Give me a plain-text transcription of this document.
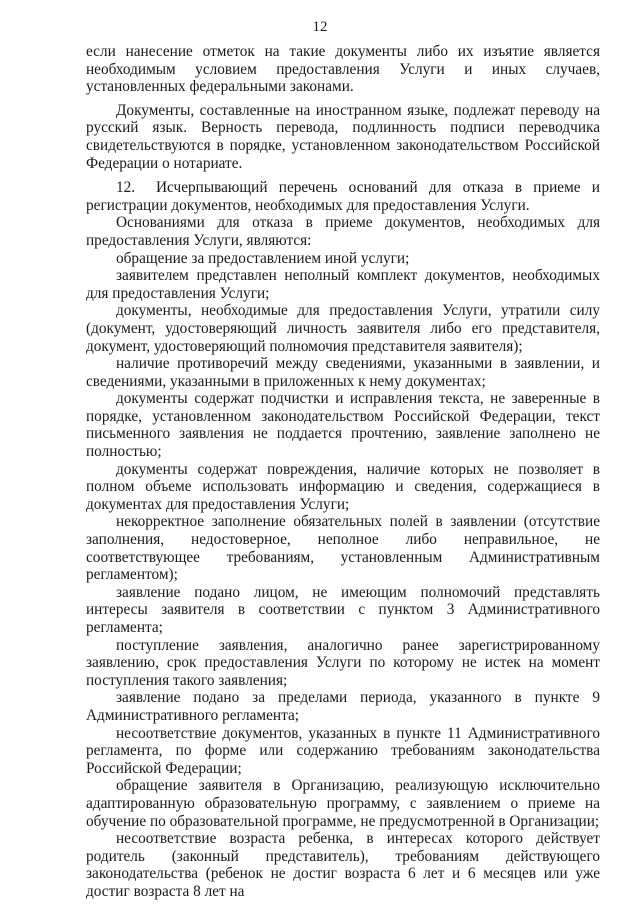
12

если нанесение отметок на такие документы либо их изъятие является необходимым условием предоставления Услуги и иных случаев, установленных федеральными законами.

Документы, составленные на иностранном языке, подлежат переводу на русский язык. Верность перевода, подлинность подписи переводчика свидетельствуются в порядке, установленном законодательством Российской Федерации о нотариате.

12. Исчерпывающий перечень оснований для отказа в приеме и регистрации документов, необходимых для предоставления Услуги.

Основаниями для отказа в приеме документов, необходимых для предоставления Услуги, являются:

обращение за предоставлением иной услуги;

заявителем представлен неполный комплект документов, необходимых для предоставления Услуги;

документы, необходимые для предоставления Услуги, утратили силу (документ, удостоверяющий личность заявителя либо его представителя, документ, удостоверяющий полномочия представителя заявителя);

наличие противоречий между сведениями, указанными в заявлении, и сведениями, указанными в приложенных к нему документах;

документы содержат подчистки и исправления текста, не заверенные в порядке, установленном законодательством Российской Федерации, текст письменного заявления не поддается прочтению, заявление заполнено не полностью;

документы содержат повреждения, наличие которых не позволяет в полном объеме использовать информацию и сведения, содержащиеся в документах для предоставления Услуги;

некорректное заполнение обязательных полей в заявлении (отсутствие заполнения, недостоверное, неполное либо неправильное, не соответствующее требованиям, установленным Административным регламентом);

заявление подано лицом, не имеющим полномочий представлять интересы заявителя в соответствии с пунктом 3 Административного регламента;

поступление заявления, аналогично ранее зарегистрированному заявлению, срок предоставления Услуги по которому не истек на момент поступления такого заявления;

заявление подано за пределами периода, указанного в пункте 9 Административного регламента;

несоответствие документов, указанных в пункте 11 Административного регламента, по форме или содержанию требованиям законодательства Российской Федерации;

обращение заявителя в Организацию, реализующую исключительно адаптированную образовательную программу, с заявлением о приеме на обучение по образовательной программе, не предусмотренной в Организации;

несоответствие возраста ребенка, в интересах которого действует родитель (законный представитель), требованиям действующего законодательства (ребенок не достиг возраста 6 лет и 6 месяцев или уже достиг возраста 8 лет на
